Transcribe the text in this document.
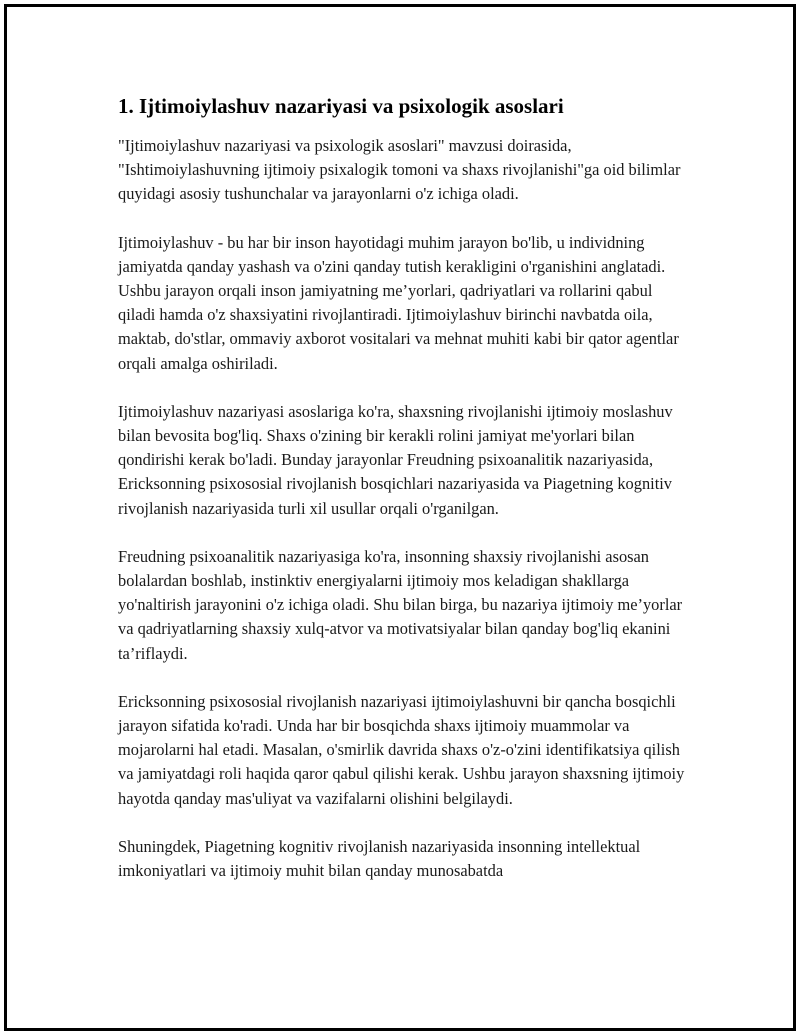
1. Ijtimoiylashuv nazariyasi va psixologik asoslari

"Ijtimoiylashuv nazariyasi va psixologik asoslari" mavzusi doirasida, "Ishtimoiylashuvning ijtimoiy psixalogik tomoni va shaxs rivojlanishi"ga oid bilimlar quyidagi asosiy tushunchalar va jarayonlarni o'z ichiga oladi.

Ijtimoiylashuv - bu har bir inson hayotidagi muhim jarayon bo'lib, u individning jamiyatda qanday yashash va o'zini qanday tutish kerakligini o'rganishini anglatadi. Ushbu jarayon orqali inson jamiyatning me’yorlari, qadriyatlari va rollarini qabul qiladi hamda o'z shaxsiyatini rivojlantiradi. Ijtimoiylashuv birinchi navbatda oila, maktab, do'stlar, ommaviy axborot vositalari va mehnat muhiti kabi bir qator agentlar orqali amalga oshiriladi.

Ijtimoiylashuv nazariyasi asoslariga ko'ra, shaxsning rivojlanishi ijtimoiy moslashuv bilan bevosita bog'liq. Shaxs o'zining bir kerakli rolini jamiyat me'yorlari bilan qondirishi kerak bo'ladi. Bunday jarayonlar Freudning psixoanalitik nazariyasida, Ericksonning psixososial rivojlanish bosqichlari nazariyasida va Piagetning kognitiv rivojlanish nazariyasida turli xil usullar orqali o'rganilgan.

Freudning psixoanalitik nazariyasiga ko'ra, insonning shaxsiy rivojlanishi asosan bolalardan boshlab, instinktiv energiyalarni ijtimoiy mos keladigan shakllarga yo'naltirish jarayonini o'z ichiga oladi. Shu bilan birga, bu nazariya ijtimoiy me’yorlar va qadriyatlarning shaxsiy xulq-atvor va motivatsiyalar bilan qanday bog'liq ekanini ta’riflaydi.

Ericksonning psixososial rivojlanish nazariyasi ijtimoiylashuvni bir qancha bosqichli jarayon sifatida ko'radi. Unda har bir bosqichda shaxs ijtimoiy muammolar va mojarolarni hal etadi. Masalan, o'smirlik davrida shaxs o'z-o'zini identifikatsiya qilish va jamiyatdagi roli haqida qaror qabul qilishi kerak. Ushbu jarayon shaxsning ijtimoiy hayotda qanday mas'uliyat va vazifalarni olishini belgilaydi.

Shuningdek, Piagetning kognitiv rivojlanish nazariyasida insonning intellektual imkoniyatlari va ijtimoiy muhit bilan qanday munosabatda
